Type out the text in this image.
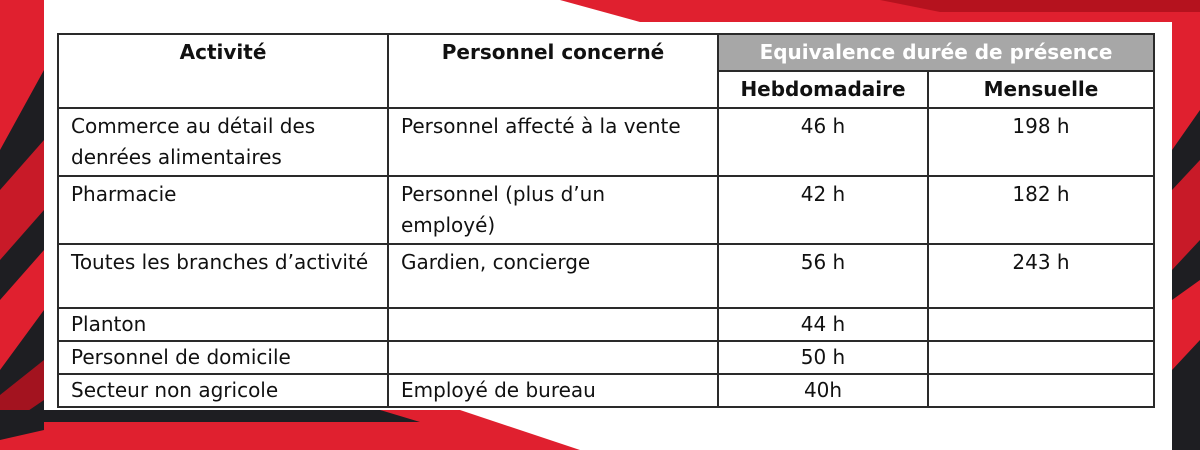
Activité	Personnel concerné	Equivalence durée de présence	
		Hebdomadaire	Mensuelle
Commerce au détail des denrées alimentaires	Personnel affecté à la vente	46 h	198 h
Pharmacie	Personnel (plus d’un employé)	42 h	182 h
Toutes les branches d’activité	Gardien, concierge	56 h	243 h
Planton		44 h	
Personnel de domicile		50 h	
Secteur non agricole	Employé de bureau	40h	
